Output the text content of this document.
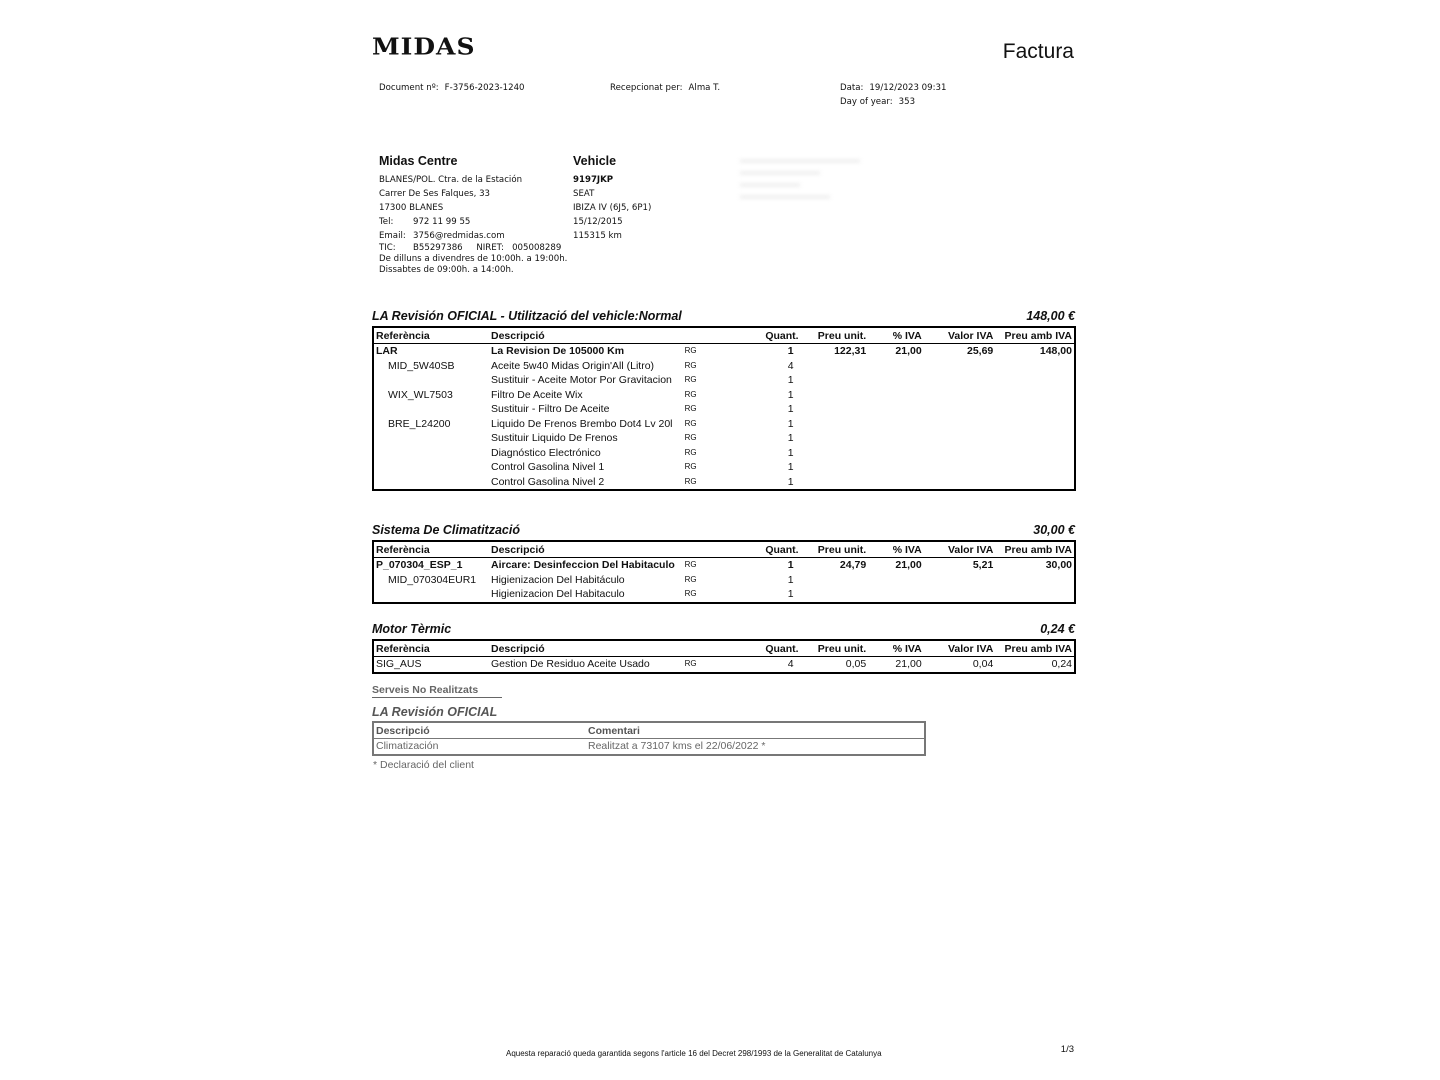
MIDAS	Factura
Document nº: F-3756-2023-1240	Recepcionat per: Alma T.	Data: 19/12/2023 09:31
Day of year: 353
Midas Centre
BLANES/POL. Ctra. de la Estación
Carrer De Ses Falques, 33
17300 BLANES
Tel: 972 11 99 55
Email: 3756@redmidas.com
TIC: B55297386 NIRET: 005008289
De dilluns a divendres de 10:00h. a 19:00h.
Dissabtes de 09:00h. a 14:00h.
Vehicle
9197JKP
SEAT
IBIZA IV (6J5, 6P1)
15/12/2015
115315 km
LA Revisión OFICIAL - Utilització del vehicle:Normal	148,00 €
Referència	Descripció		Quant.	Preu unit.	% IVA	Valor IVA	Preu amb IVA
LAR	La Revision De 105000 Km	RG	1	122,31	21,00	25,69	148,00
MID_5W40SB	Aceite 5w40 Midas Origin'All (Litro)	RG	4				
	Sustituir - Aceite Motor Por Gravitacion	RG	1				
WIX_WL7503	Filtro De Aceite Wix	RG	1				
	Sustituir - Filtro De Aceite	RG	1				
BRE_L24200	Liquido De Frenos Brembo Dot4 Lv 20l	RG	1				
	Sustituir Liquido De Frenos	RG	1				
	Diagnóstico Electrónico	RG	1				
	Control Gasolina Nivel 1	RG	1				
	Control Gasolina Nivel 2	RG	1				
Sistema De Climatització	30,00 €
Referència	Descripció		Quant.	Preu unit.	% IVA	Valor IVA	Preu amb IVA
P_070304_ESP_1	Aircare: Desinfeccion Del Habitaculo	RG	1	24,79	21,00	5,21	30,00
MID_070304EUR1	Higienizacion Del Habitáculo	RG	1				
	Higienizacion Del Habitaculo	RG	1				
Motor Tèrmic	0,24 €
Referència	Descripció		Quant.	Preu unit.	% IVA	Valor IVA	Preu amb IVA
SIG_AUS	Gestion De Residuo Aceite Usado	RG	4	0,05	21,00	0,04	0,24
Serveis No Realitzats
LA Revisión OFICIAL
Descripció	Comentari
Climatización	Realitzat a 73107 kms el 22/06/2022 *
* Declaració del client
Aquesta reparació queda garantida segons l'article 16 del Decret 298/1993 de la Generalitat de Catalunya	1/3
